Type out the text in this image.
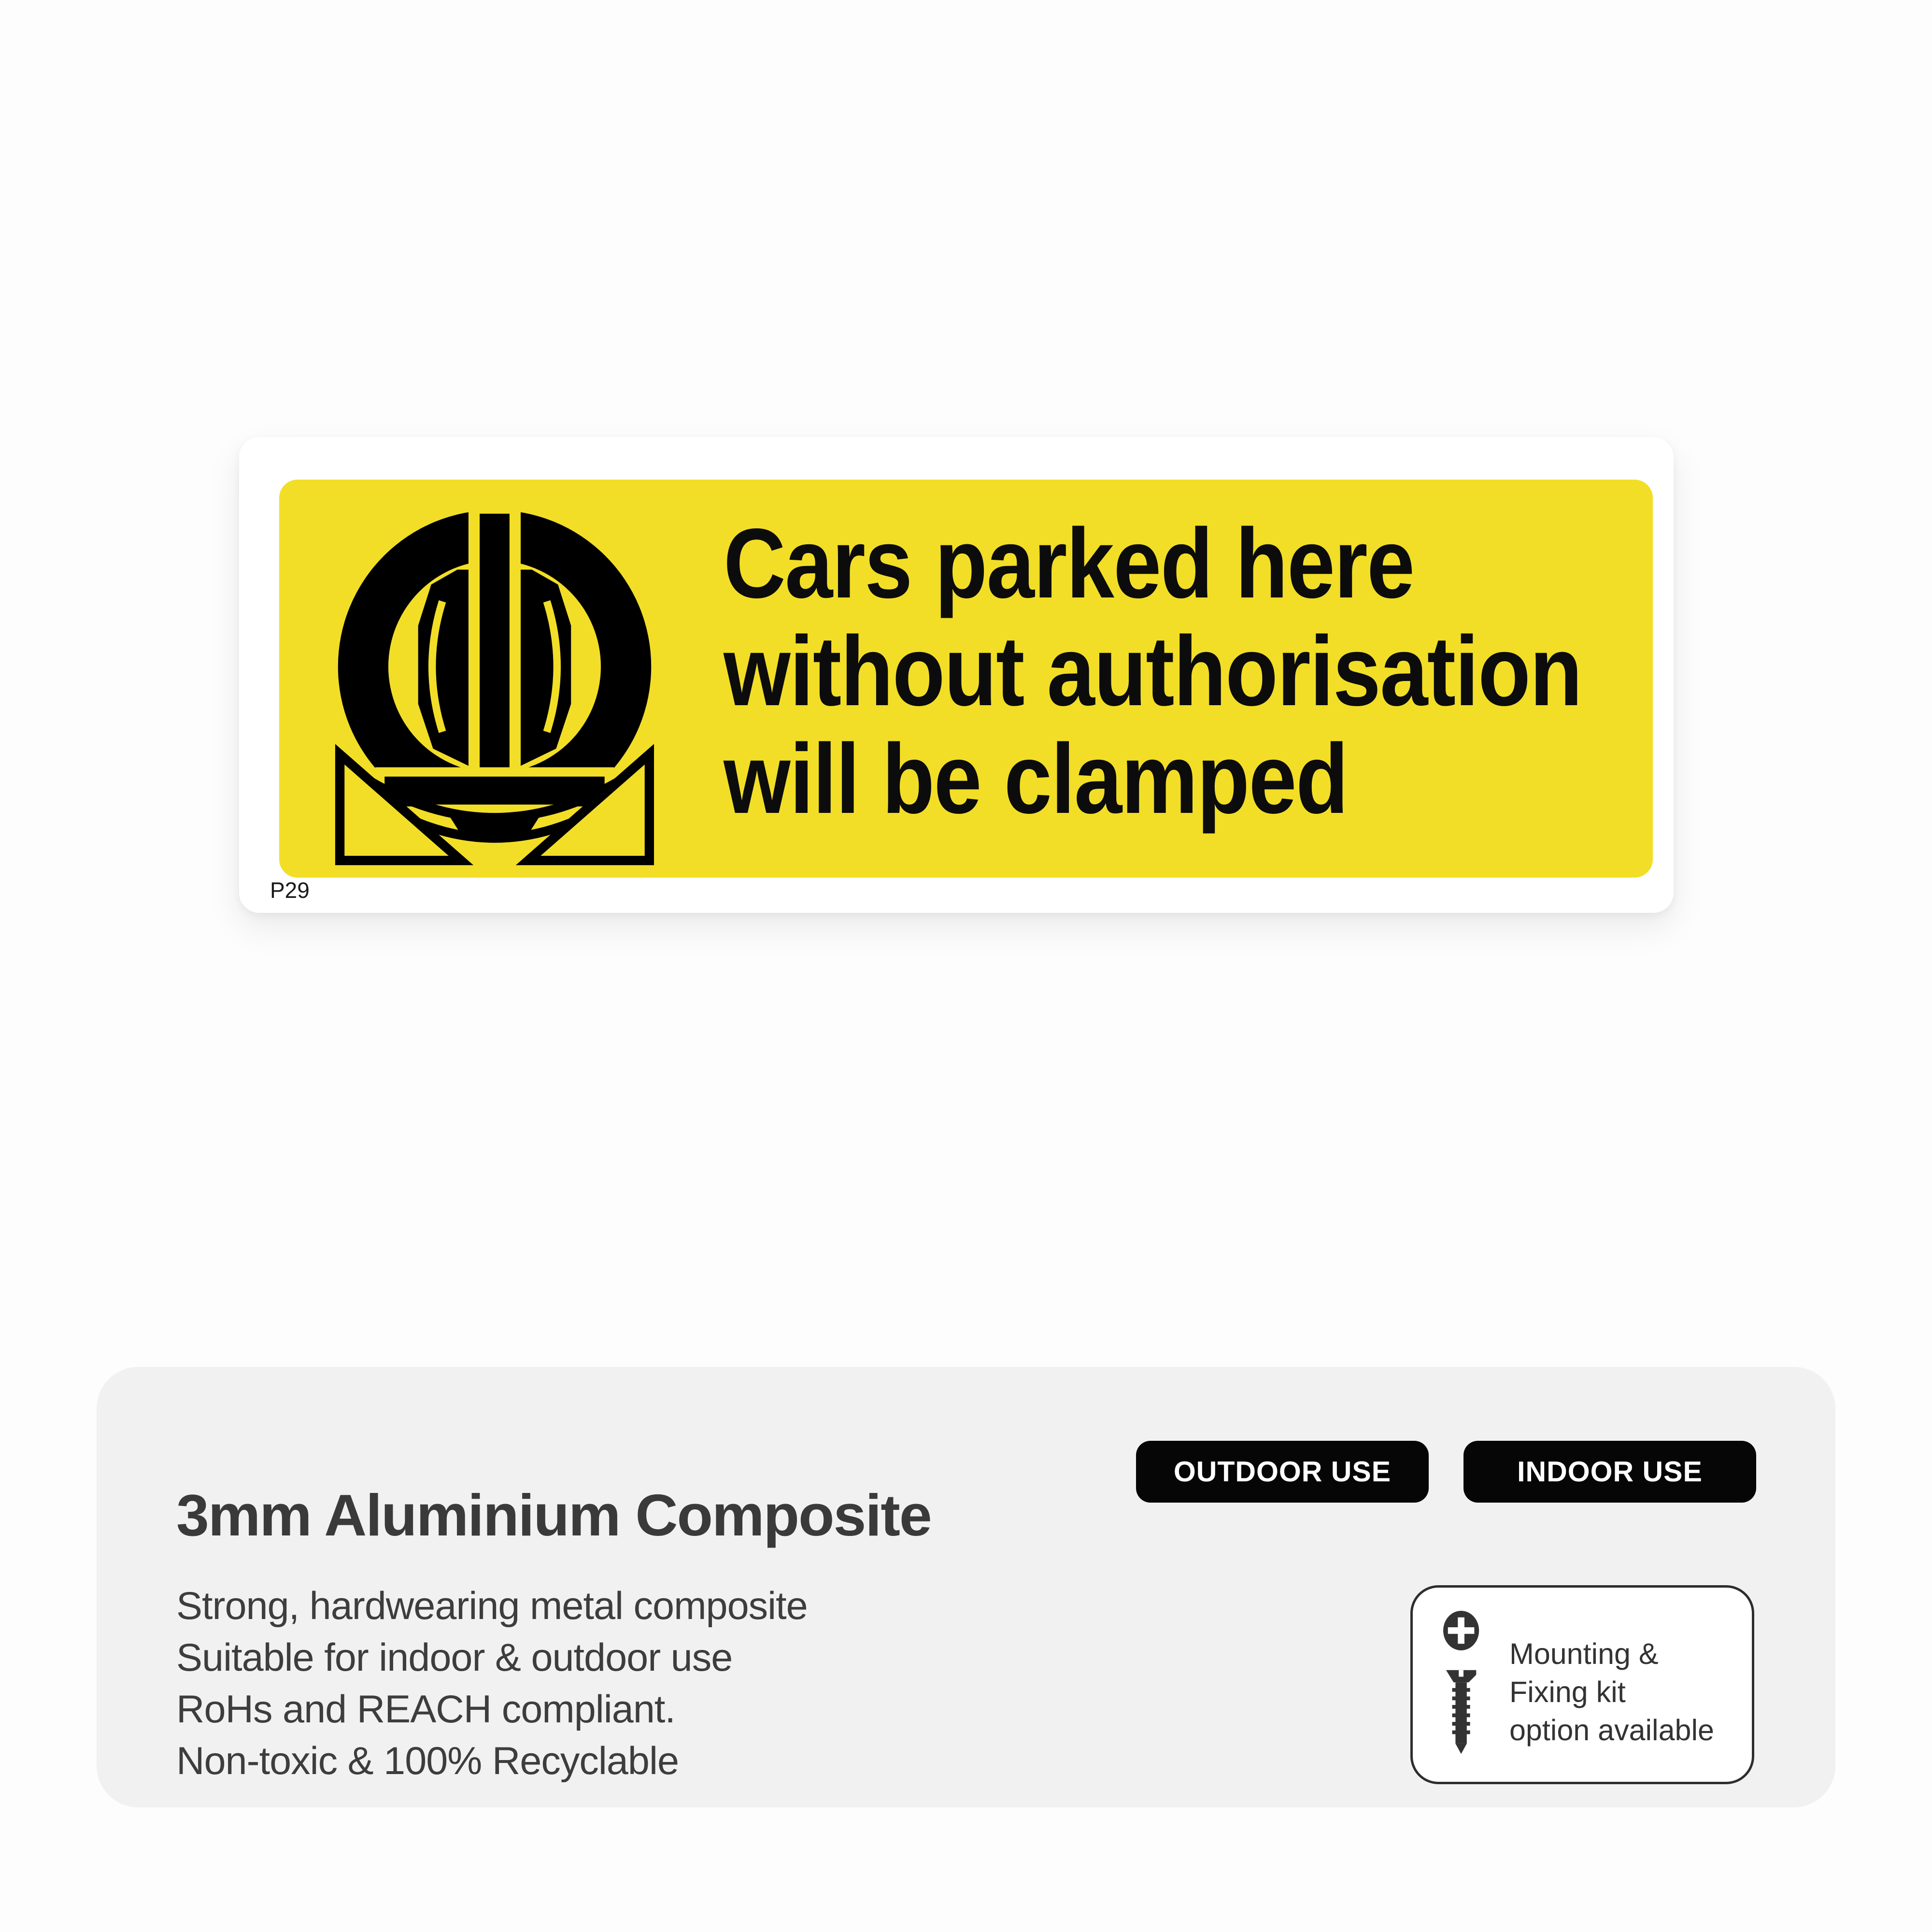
Cars parked here
without authorisation
will be clamped
P29
3mm Aluminium Composite
OUTDOOR USE	INDOOR USE
Strong, hardwearing metal composite
Suitable for indoor & outdoor use
RoHs and REACH compliant.
Non-toxic & 100% Recyclable
Mounting &
Fixing kit
option available
